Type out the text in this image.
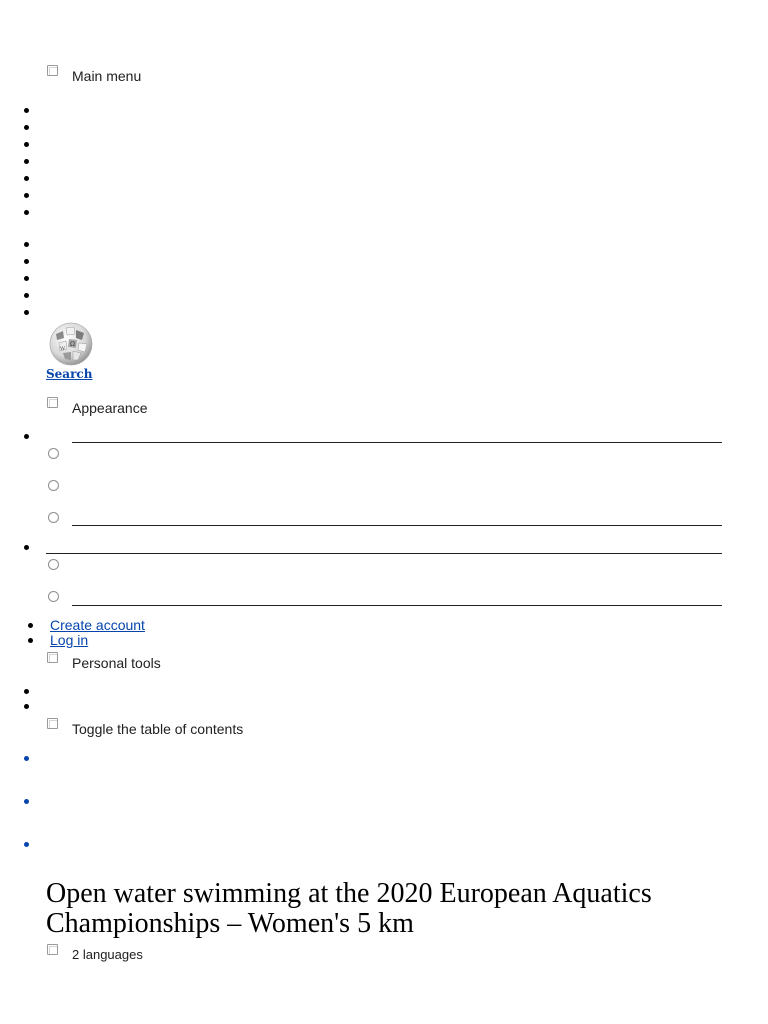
Main menu
Ω
W
Search
Appearance
Create account
Log in
Personal tools
Toggle the table of contents
Open water swimming at the 2020 European Aquatics Championships – Women's 5 km
2 languages
